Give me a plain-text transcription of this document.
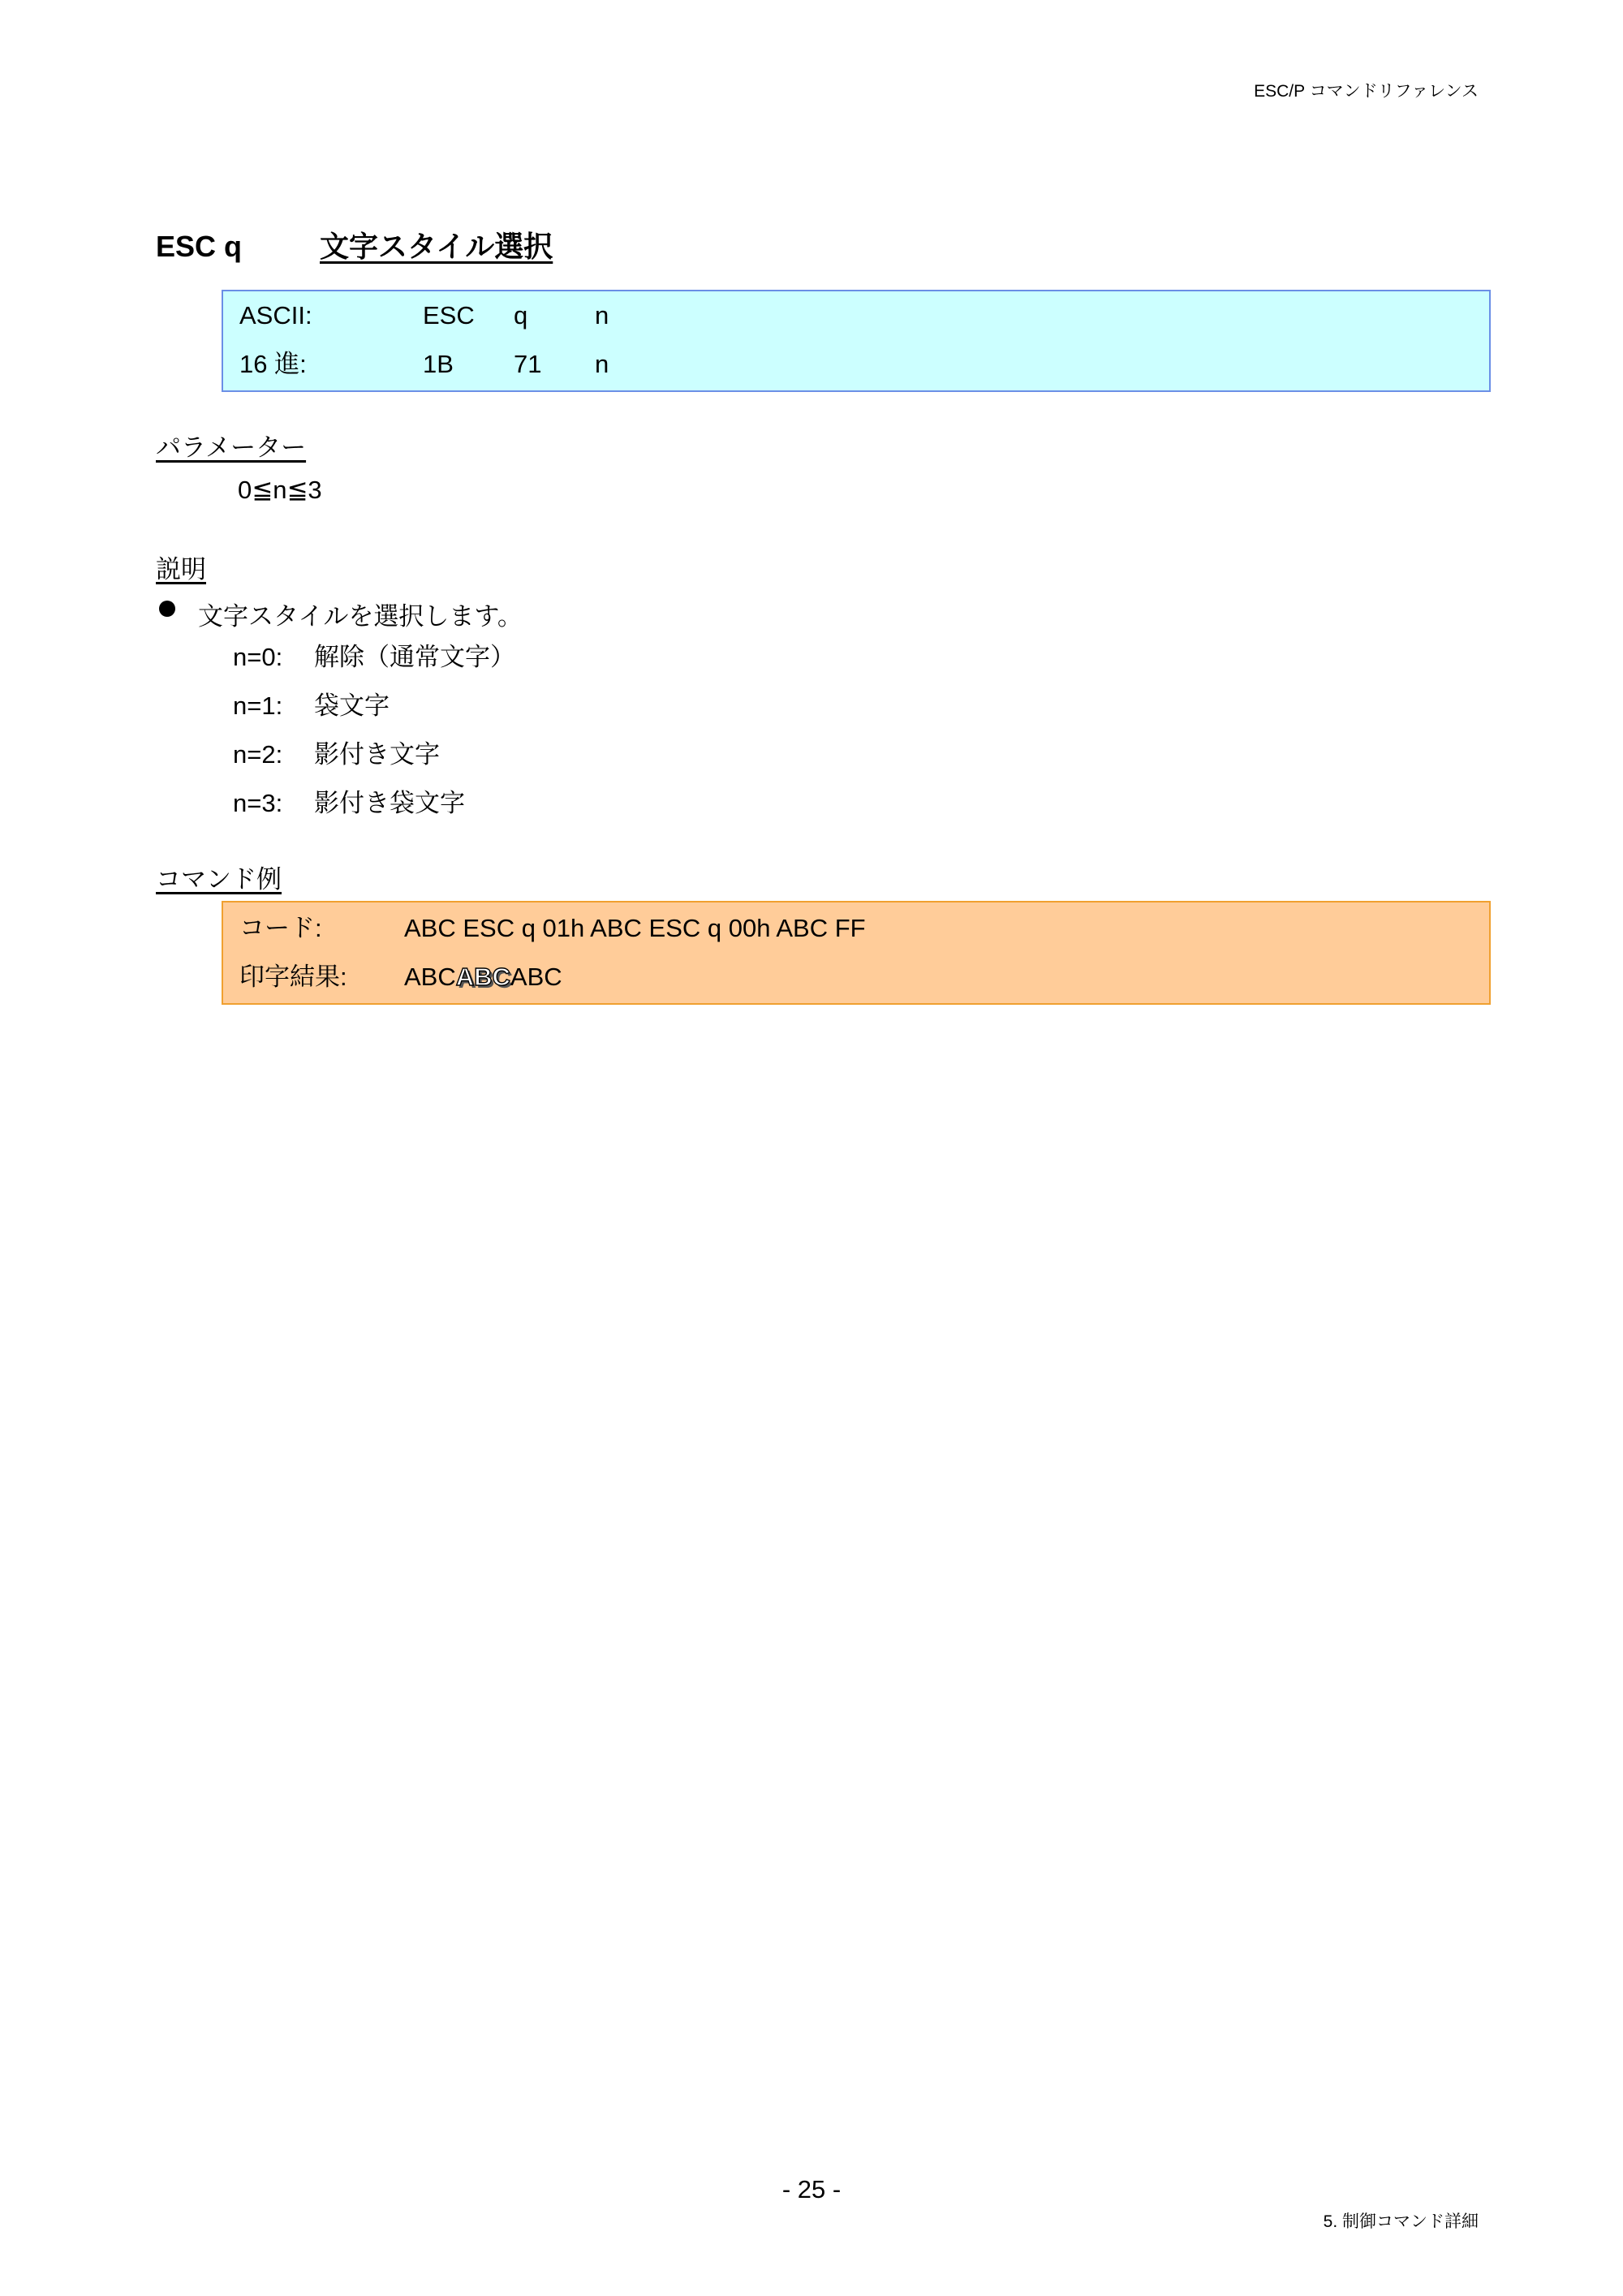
ESC/P コマンドリファレンス
ESC q	文字スタイル選択
ASCII:	ESC q	n
16 進:	1B 71 n
パラメーター
0≦n≦3
説明
文字スタイルを選択します。
n=0: 解除（通常文字）
n=1: 袋文字
n=2: 影付き文字
n=3: 影付き袋文字
コマンド例
コード:	ABC ESC q 01h ABC ESC q 00h ABC FF
印字結果: ABCABCABC
- 25 -
5. 制御コマンド詳細
